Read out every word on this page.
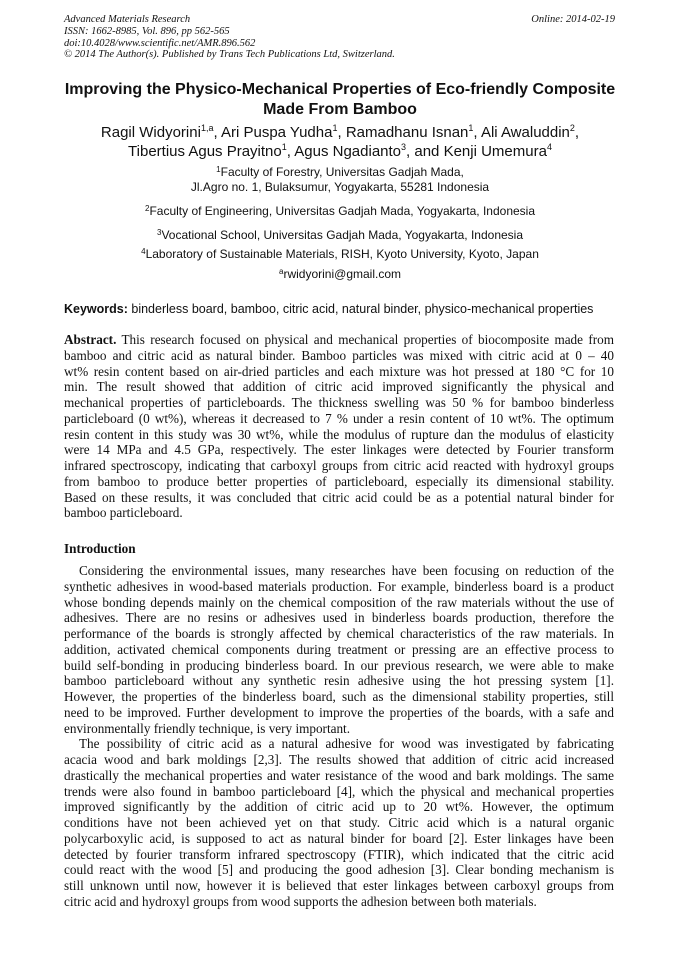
Advanced Materials Research
ISSN: 1662-8985, Vol. 896, pp 562-565
doi:10.4028/www.scientific.net/AMR.896.562
© 2014 The Author(s). Published by Trans Tech Publications Ltd, Switzerland.
Online: 2014-02-19
Improving the Physico-Mechanical Properties of Eco-friendly Composite
Made From Bamboo
Ragil Widyorini$^{1,a}$, Ari Puspa Yudha$^1$, Ramadhanu Isnan$^1$, Ali Awaluddin$^2$,
Tibertius Agus Prayitno$^1$, Agus Ngadianto$^3$, and Kenji Umemura$^4$
$^1$Faculty of Forestry, Universitas Gadjah Mada,
Jl.Agro no. 1, Bulaksumur, Yogyakarta, 55281 Indonesia
$^2$Faculty of Engineering, Universitas Gadjah Mada, Yogyakarta, Indonesia
$^3$Vocational School, Universitas Gadjah Mada, Yogyakarta, Indonesia
$^4$Laboratory of Sustainable Materials, RISH, Kyoto University, Kyoto, Japan
$^a$rwidyorini@gmail.com
Keywords: binderless board, bamboo, citric acid, natural binder, physico-mechanical properties
Abstract. This research focused on physical and mechanical properties of biocomposite made from
bamboo and citric acid as natural binder. Bamboo particles was mixed with citric acid at 0 – 40
wt% resin content based on air-dried particles and each mixture was hot pressed at 180 °C for 10
min. The result showed that addition of citric acid improved significantly the physical and
mechanical properties of particleboards. The thickness swelling was 50 % for bamboo binderless
particleboard (0 wt%), whereas it decreased to 7 % under a resin content of 10 wt%. The optimum
resin content in this study was 30 wt%, while the modulus of rupture dan the modulus of elasticity
were 14 MPa and 4.5 GPa, respectively. The ester linkages were detected by Fourier transform
infrared spectroscopy, indicating that carboxyl groups from citric acid reacted with hydroxyl groups
from bamboo to produce better properties of particleboard, especially its dimensional stability.
Based on these results, it was concluded that citric acid could be as a potential natural binder for
bamboo particleboard.
Introduction
Considering the environmental issues, many researches have been focusing on reduction of the
synthetic adhesives in wood-based materials production. For example, binderless board is a product
whose bonding depends mainly on the chemical composition of the raw materials without the use of
adhesives. There are no resins or adhesives used in binderless boards production, therefore the
performance of the boards is strongly affected by chemical characteristics of the raw materials. In
addition, activated chemical components during treatment or pressing are an effective process to
build self-bonding in producing binderless board. In our previous research, we were able to make
bamboo particleboard without any synthetic resin adhesive using the hot pressing system [1].
However, the properties of the binderless board, such as the dimensional stability properties, still
need to be improved. Further development to improve the properties of the boards, with a safe and
environmentally friendly technique, is very important.
The possibility of citric acid as a natural adhesive for wood was investigated by fabricating
acacia wood and bark moldings [2,3]. The results showed that addition of citric acid increased
drastically the mechanical properties and water resistance of the wood and bark moldings. The same
trends were also found in bamboo particleboard [4], which the physical and mechanical properties
improved significantly by the addition of citric acid up to 20 wt%. However, the optimum
conditions have not been achieved yet on that study. Citric acid which is a natural organic
polycarboxylic acid, is supposed to act as natural binder for board [2]. Ester linkages have been
detected by fourier transform infrared spectroscopy (FTIR), which indicated that the citric acid
could react with the wood [5] and producing the good adhesion [3]. Clear bonding mechanism is
still unknown until now, however it is believed that ester linkages between carboxyl groups from
citric acid and hydroxyl groups from wood supports the adhesion between both materials.
